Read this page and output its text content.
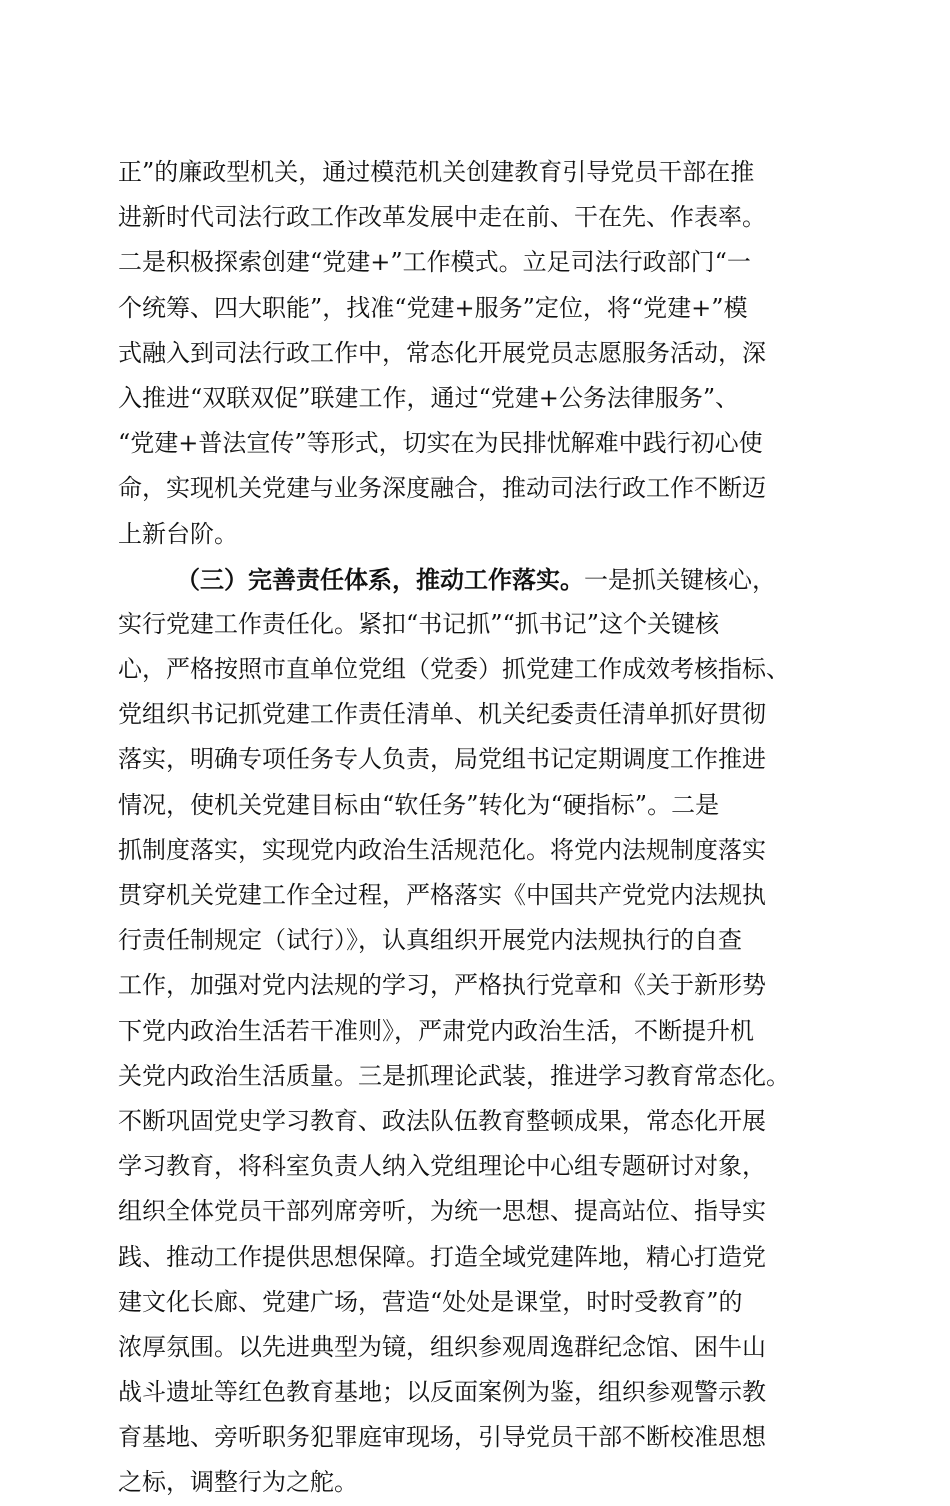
正”的廉政型机关，通过模范机关创建教育引导党员干部在推
进新时代司法行政工作改革发展中走在前、干在先、作表率。
二是积极探索创建“党建+”工作模式。立足司法行政部门“一
个统筹、四大职能”，找准“党建+服务”定位，将“党建+”模
式融入到司法行政工作中，常态化开展党员志愿服务活动，深
入推进“双联双促”联建工作，通过“党建+公务法律服务”、
“党建+普法宣传”等形式，切实在为民排忧解难中践行初心使
命，实现机关党建与业务深度融合，推动司法行政工作不断迈
上新台阶。
（三）完善责任体系，推动工作落实。一是抓关键核心，
实行党建工作责任化。紧扣“书记抓”“抓书记”这个关键核
心，严格按照市直单位党组（党委）抓党建工作成效考核指标、
党组织书记抓党建工作责任清单、机关纪委责任清单抓好贯彻
落实，明确专项任务专人负责，局党组书记定期调度工作推进
情况，使机关党建目标由“软任务”转化为“硬指标”。二是
抓制度落实，实现党内政治生活规范化。将党内法规制度落实
贯穿机关党建工作全过程，严格落实《中国共产党党内法规执
行责任制规定（试行）》，认真组织开展党内法规执行的自查
工作，加强对党内法规的学习，严格执行党章和《关于新形势
下党内政治生活若干准则》，严肃党内政治生活，不断提升机
关党内政治生活质量。三是抓理论武装，推进学习教育常态化。
不断巩固党史学习教育、政法队伍教育整顿成果，常态化开展
学习教育，将科室负责人纳入党组理论中心组专题研讨对象，
组织全体党员干部列席旁听，为统一思想、提高站位、指导实
践、推动工作提供思想保障。打造全域党建阵地，精心打造党
建文化长廊、党建广场，营造“处处是课堂，时时受教育”的
浓厚氛围。以先进典型为镜，组织参观周逸群纪念馆、困牛山
战斗遗址等红色教育基地；以反面案例为鉴，组织参观警示教
育基地、旁听职务犯罪庭审现场，引导党员干部不断校准思想
之标，调整行为之舵。
